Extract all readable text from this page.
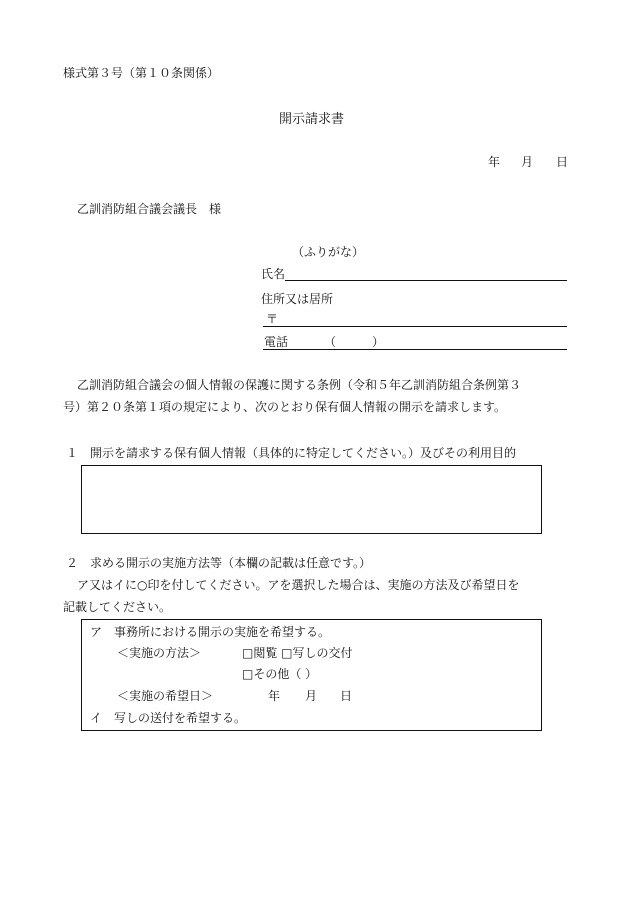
様式第３号（第１０条関係）
開示請求書
年 月 日
乙訓消防組合議会議長　様
（ふりがな）
氏名
住所又は居所
〒
電話	（　　　）
乙訓消防組合議会の個人情報の保護に関する条例（令和５年乙訓消防組合条例第３
号）第２０条第１項の規定により、次のとおり保有個人情報の開示を請求します。
１　開示を請求する保有個人情報（具体的に特定してください。）及びその利用目的
２　求める開示の実施方法等（本欄の記載は任意です。）
ア又はイに○印を付してください。アを選択した場合は、実施の方法及び希望日を
記載してください。
ア　事務所における開示の実施を希望する。
＜実施の方法＞	□閲覧 □写しの交付
□その他（ ）
＜実施の希望日＞	年 月 日
イ　写しの送付を希望する。
